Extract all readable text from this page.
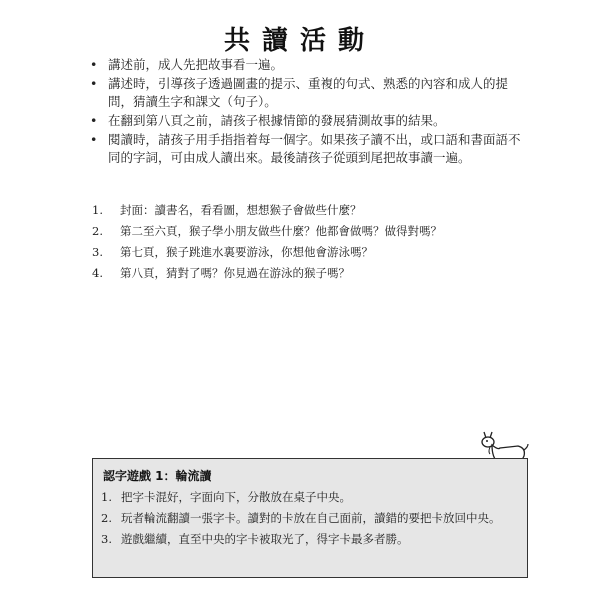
共讀活動
• 講述前，成人先把故事看一遍。
• 講述時，引導孩子透過圖畫的提示、重複的句式、熟悉的內容和成人的提問，猜讀生字和課文（句子）。
• 在翻到第八頁之前，請孩子根據情節的發展猜測故事的結果。
• 閱讀時，請孩子用手指指着每一個字。如果孩子讀不出，或口語和書面語不同的字詞，可由成人讀出來。最後請孩子從頭到尾把故事讀一遍。
1. 封面：讀書名，看看圖，想想猴子會做些什麼？
2. 第二至六頁，猴子學小朋友做些什麼？他都會做嗎？做得對嗎？
3. 第七頁，猴子跳進水裏要游泳，你想他會游泳嗎？
4. 第八頁，猜對了嗎？你見過在游泳的猴子嗎？
認字遊戲 1：輪流讀
1. 把字卡混好，字面向下，分散放在桌子中央。
2. 玩者輪流翻讀一張字卡。讀對的卡放在自己面前，讀錯的要把卡放回中央。
3. 遊戲繼續，直至中央的字卡被取光了，得字卡最多者勝。
